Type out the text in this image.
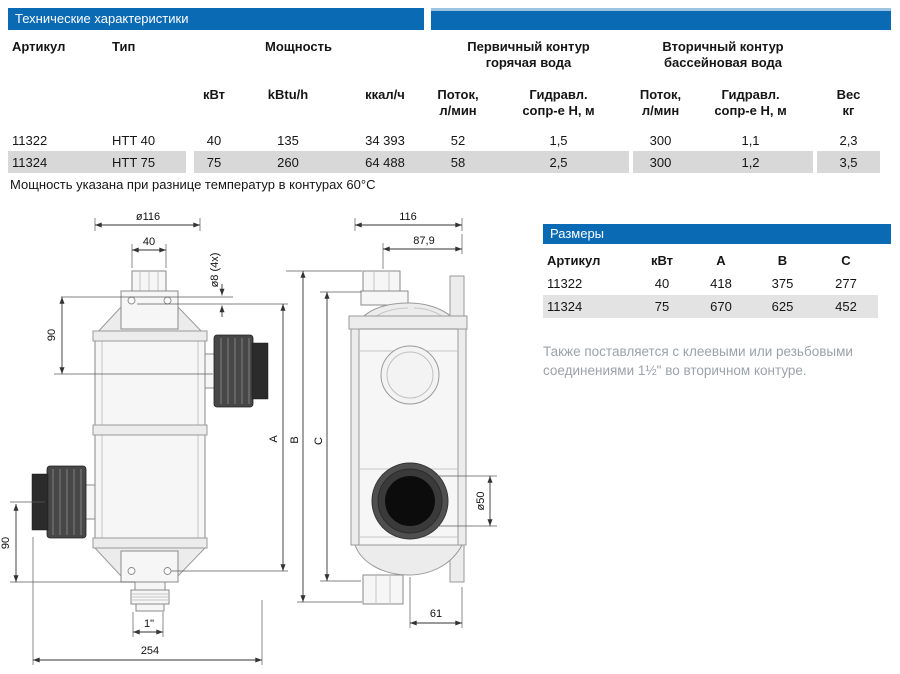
Технические характеристики
Артикул	Тип		Мощность			Первичный контур
горячая вода			Вторичный контур
бассейновая вода			

			кВт	kBtu/h	ккал/ч	Поток,
л/мин	Гидравл.
сопр-е Н, м		Поток,
л/мин	Гидравл.
сопр-е Н, м		Вес
кг

11322	HTT 40		40	135	34 393	52	1,5		300	1,1		2,3
11324	HTT 75		75	260	64 488	58	2,5		300	1,2		3,5
Мощность указана при разнице температур в контурах 60°C
Размеры
Артикул	кВт	A	B	C
11322	40	418	375	277
11324	75	670	625	452
Также поставляется с клеевыми или резьбовыми соединениями 1½" во вторичном контуре.
ø116
40
ø8 (4x)
90
A
90
1"
254
116
87,9
B C
ø50
61
